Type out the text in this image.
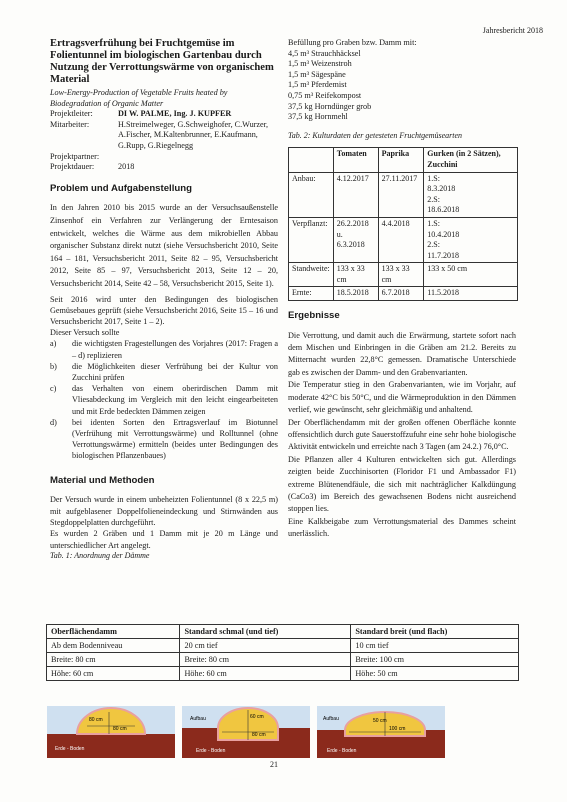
Jahresbericht 2018

Ertragsverfrühung bei Fruchtgemüse im Folientunnel im biologischen Gartenbau durch Nutzung der Verrottungswärme von organischem Material

Low-Energy-Production of Vegetable Fruits heated by Biodegradation of Organic Matter

Projektleiter:	DI W. PALME, Ing. J. KUPFER
Mitarbeiter:	H.Streimelweger, G.Schweighofer, C.Wurzer, A.Fischer, M.Kaltenbrunner, E.Kaufmann, G.Rupp, G.Riegelnegg
Projektpartner:
Projektdauer:	2018
Problem und Aufgabenstellung

In den Jahren 2010 bis 2015 wurde an der Versuchsaußenstelle Zinsenhof ein Verfahren zur Verlängerung der Erntesaison entwickelt, welches die Wärme aus dem mikrobiellen Abbau organischer Substanz direkt nutzt (siehe Versuchsbericht 2010, Seite 164 – 181, Versuchsbericht 2011, Seite 82 – 95, Versuchsbericht 2012, Seite 85 – 97, Versuchsbericht 2013, Seite 12 – 20, Versuchsbericht 2014, Seite 42 – 58, Versuchsbericht 2015, Seite 1).

Seit 2016 wird unter den Bedingungen des biologischen Gemüsebaues geprüft (siehe Versuchsbericht 2016, Seite 15 – 16 und Versuchsbericht 2017, Seite 1 – 2).

Dieser Versuch sollte

a)	die wichtigsten Fragestellungen des Vorjahres (2017: Fragen a – d) replizieren
b)	die Möglichkeiten dieser Verfrühung bei der Kultur von Zucchini prüfen
c)	das Verhalten von einem oberirdischen Damm mit Vliesabdeckung im Vergleich mit den leicht eingearbeiteten und mit Erde bedeckten Dämmen zeigen
d)	bei identen Sorten den Ertragsverlauf im Biotunnel (Verfrühung mit Verrottungswärme) und Rolltunnel (ohne Verrottungswärme) ermitteln (beides unter Bedingungen des biologischen Pflanzenbaues)
Material und Methoden

Der Versuch wurde in einem unbeheizten Folientunnel (8 x 22,5 m) mit aufgeblasener Doppelfolieneindeckung und Stirnwänden aus Stegdoppelplatten durchgeführt.

Es wurden 2 Gräben und 1 Damm mit je 20 m Länge und unterschiedlicher Art angelegt.

Tab. 1: Anordnung der Dämme

Befüllung pro Graben bzw. Damm mit:
4,5 m³ Strauchhäcksel
1,5 m³ Weizenstroh
1,5 m³ Sägespäne
1,5 m³ Pferdemist
0,75 m³ Reifekompost
37,5 kg Horndünger grob
37,5 kg Hornmehl

Tab. 2: Kulturdaten der getesteten Fruchtgemüsearten

	Tomaten	Paprika	Gurken (in 2 Sätzen), Zucchini
Anbau:	4.12.2017	27.11.2017	1.S:
8.3.2018
2.S:
18.6.2018
Verpflanzt:	26.2.2018
u.
6.3.2018	4.4.2018	1.S:
10.4.2018
2.S:
11.7.2018
Standweite:	133 x 33 cm	133 x 33 cm	133 x 50 cm
Ernte:	18.5.2018	6.7.2018	11.5.2018
Ergebnisse

Die Verrottung, und damit auch die Erwärmung, startete sofort nach dem Mischen und Einbringen in die Gräben am 21.2. Bereits zu Mitternacht wurden 22,8°C gemessen. Dramatische Unterschiede gab es zwischen der Damm- und den Grabenvarianten.

Die Temperatur stieg in den Grabenvarianten, wie im Vorjahr, auf moderate 42°C bis 50°C, und die Wärmeproduktion in den Dämmen verlief, wie gewünscht, sehr gleichmäßig und anhaltend.

Der Oberflächendamm mit der großen offenen Oberfläche konnte offensichtlich durch gute Sauerstoffzufuhr eine sehr hohe biologische Aktivität entwickeln und erreichte nach 3 Tagen (am 24.2.) 76,0°C.

Die Pflanzen aller 4 Kulturen entwickelten sich gut. Allerdings zeigten beide Zucchinisorten (Floridor F1 und Ambassador F1) extreme Blütenendfäule, die sich mit nachträglicher Kalkdüngung (CaCo3) im Bereich des gewachsenen Bodens nicht ausreichend stoppen lies.

Eine Kalkbeigabe zum Verrottungsmaterial des Dammes scheint unerlässlich.

Oberflächendamm	Standard schmal (und tief)	Standard breit (und flach)
Ab dem Bodenniveau	20 cm tief	10 cm tief
Breite: 80 cm	Breite: 80 cm	Breite: 100 cm
Höhe: 60 cm	Höhe: 60 cm	Höhe: 50 cm
80 cm
80 cm
Erde - Boden
Aufbau	60 cm
80 cm
Erde - Boden
Aufbau	50 cm
100 cm
Erde - Boden
21
